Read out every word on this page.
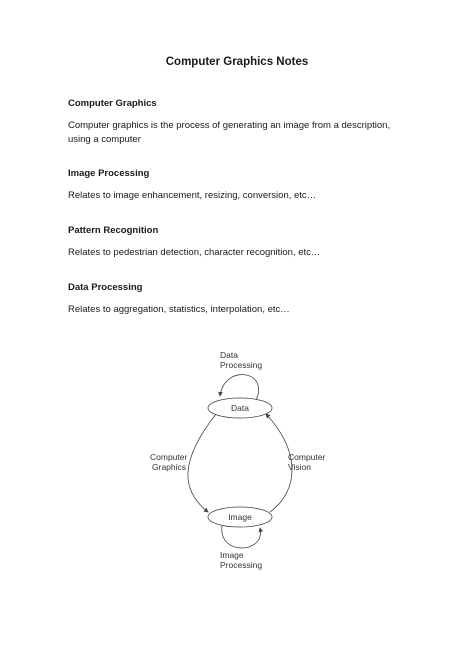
Computer Graphics Notes

Computer Graphics

Computer graphics is the process of generating an image from a description, using a computer

Image Processing

Relates to image enhancement, resizing, conversion, etc…

Pattern Recognition

Relates to pedestrian detection, character recognition, etc…

Data Processing

Relates to aggregation, statistics, interpolation, etc…

Data
Processing
Data
Computer
Graphics
Computer
Vision
Image
Image
Processing
